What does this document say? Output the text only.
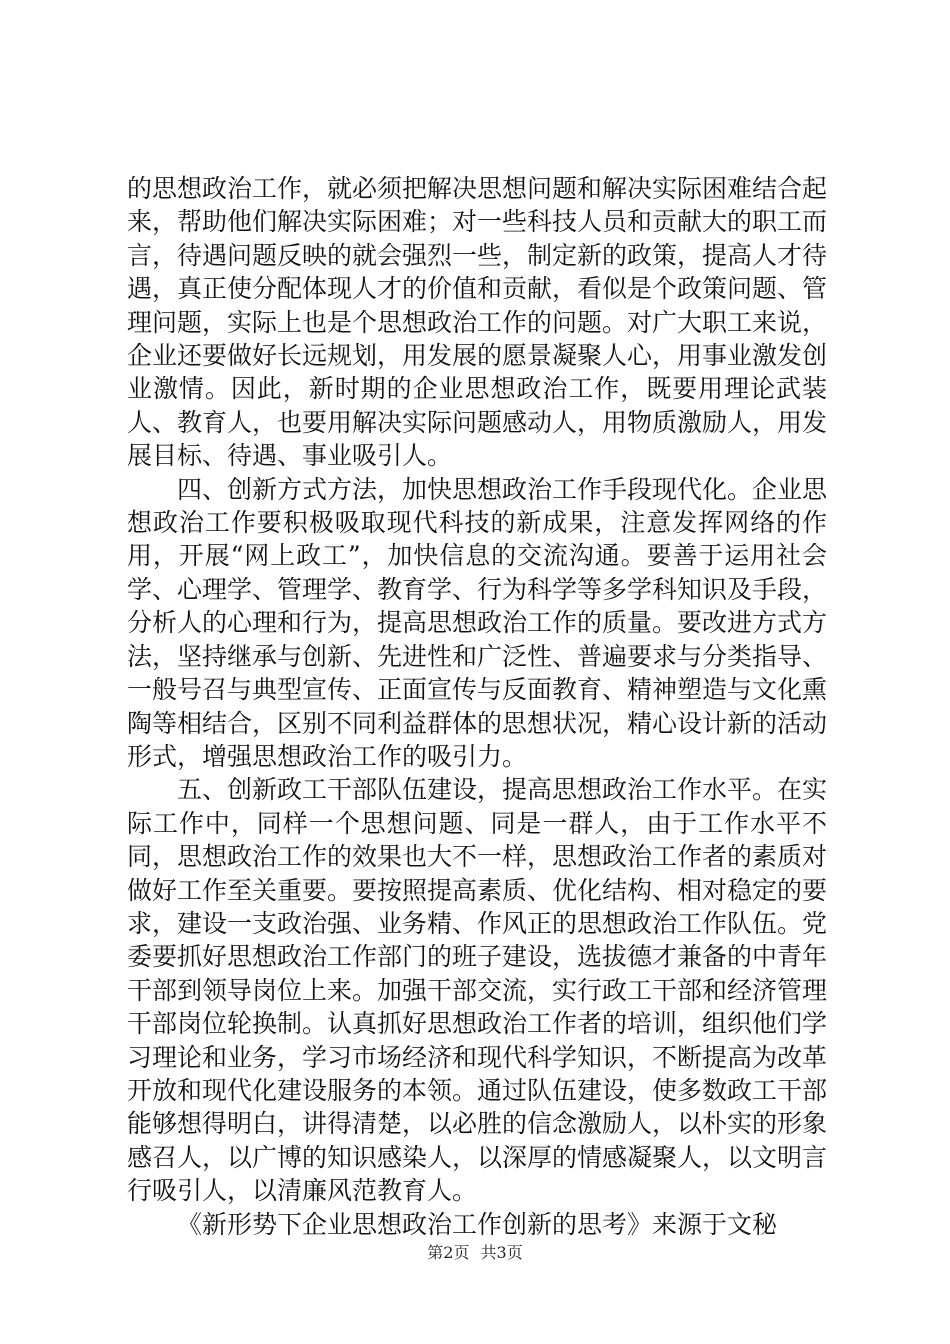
的思想政治工作，就必须把解决思想问题和解决实际困难结合起来，帮助他们解决实际困难；对一些科技人员和贡献大的职工而言，待遇问题反映的就会强烈一些，制定新的政策，提高人才待遇，真正使分配体现人才的价值和贡献，看似是个政策问题、管理问题，实际上也是个思想政治工作的问题。对广大职工来说，企业还要做好长远规划，用发展的愿景凝聚人心，用事业激发创业激情。因此，新时期的企业思想政治工作，既要用理论武装人、教育人，也要用解决实际问题感动人，用物质激励人，用发展目标、待遇、事业吸引人。

四、创新方式方法，加快思想政治工作手段现代化。企业思想政治工作要积极吸取现代科技的新成果，注意发挥网络的作用，开展“网上政工”，加快信息的交流沟通。要善于运用社会学、心理学、管理学、教育学、行为科学等多学科知识及手段，分析人的心理和行为，提高思想政治工作的质量。要改进方式方法，坚持继承与创新、先进性和广泛性、普遍要求与分类指导、一般号召与典型宣传、正面宣传与反面教育、精神塑造与文化熏陶等相结合，区别不同利益群体的思想状况，精心设计新的活动形式，增强思想政治工作的吸引力。

五、创新政工干部队伍建设，提高思想政治工作水平。在实际工作中，同样一个思想问题、同是一群人，由于工作水平不同，思想政治工作的效果也大不一样，思想政治工作者的素质对做好工作至关重要。要按照提高素质、优化结构、相对稳定的要求，建设一支政治强、业务精、作风正的思想政治工作队伍。党委要抓好思想政治工作部门的班子建设，选拔德才兼备的中青年干部到领导岗位上来。加强干部交流，实行政工干部和经济管理干部岗位轮换制。认真抓好思想政治工作者的培训，组织他们学习理论和业务，学习市场经济和现代科学知识，不断提高为改革开放和现代化建设服务的本领。通过队伍建设，使多数政工干部能够想得明白，讲得清楚，以必胜的信念激励人，以朴实的形象感召人，以广博的知识感染人，以深厚的情感凝聚人，以文明言行吸引人，以清廉风范教育人。

《新形势下企业思想政治工作创新的思考》来源于文秘

第2页 共3页
